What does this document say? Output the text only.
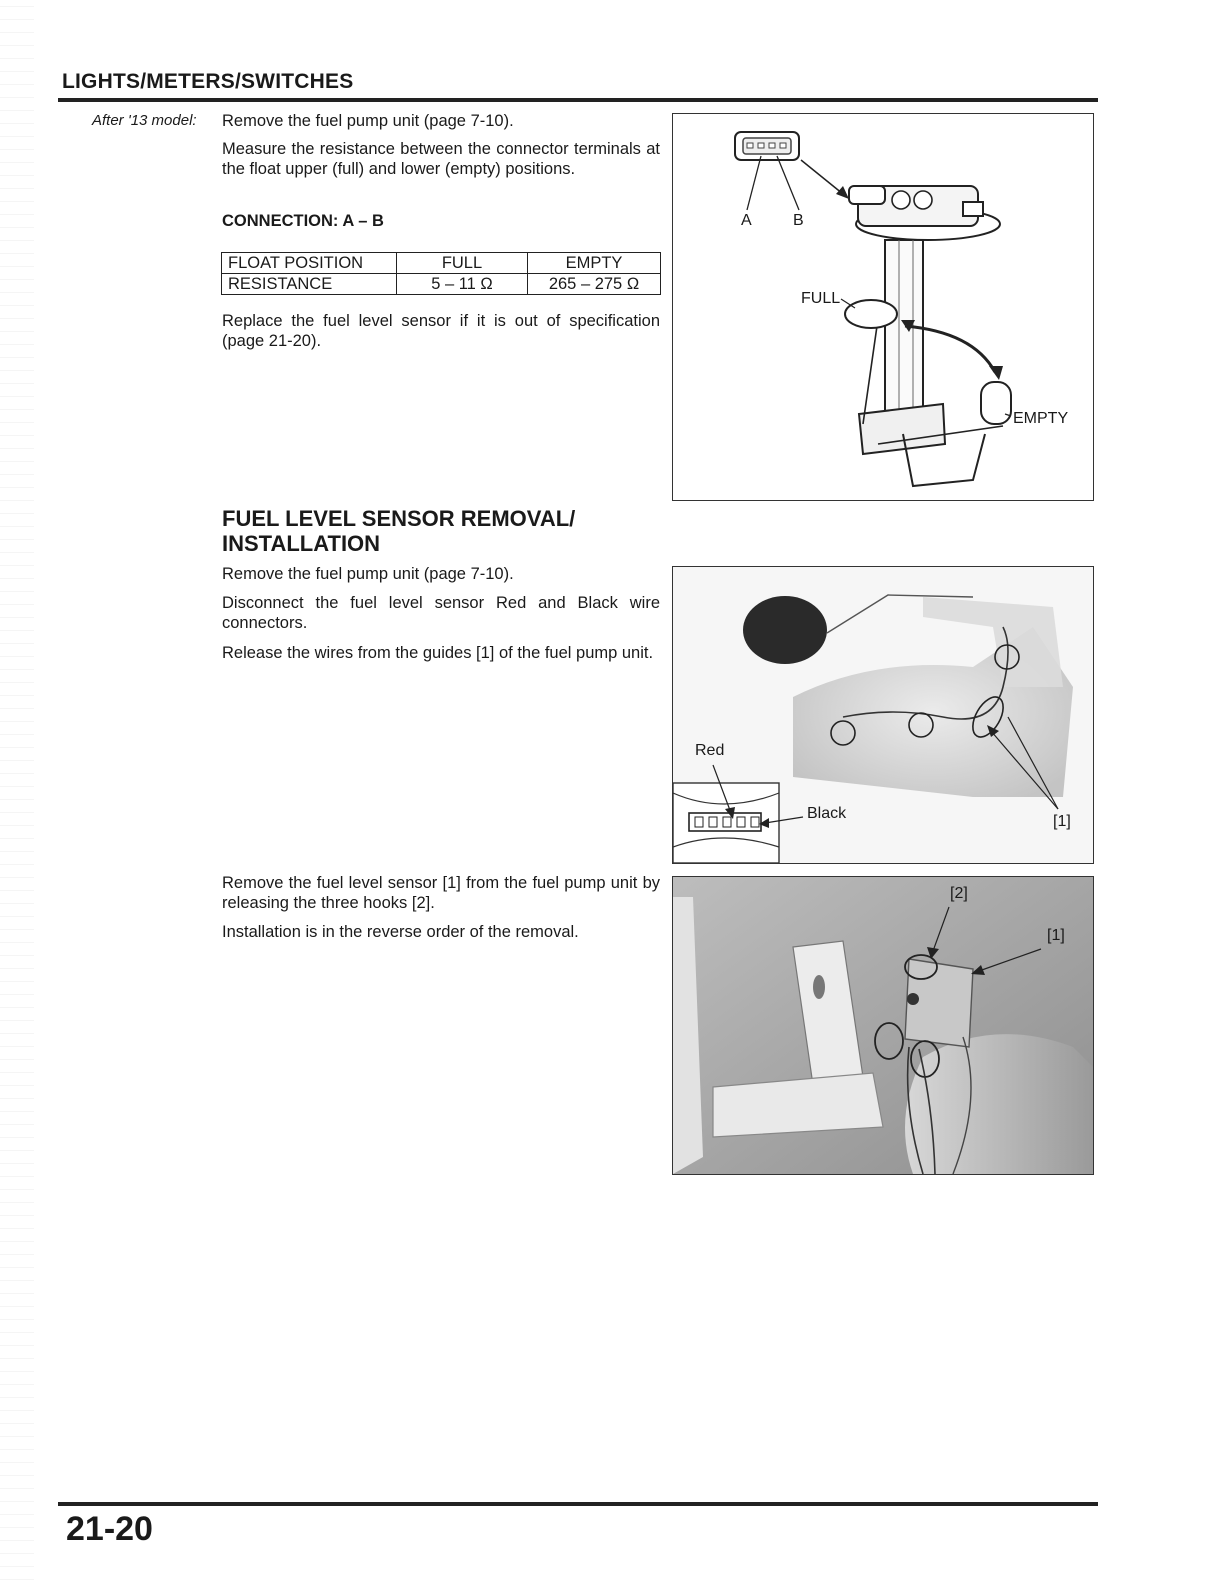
LIGHTS/METERS/SWITCHES
After '13 model: Remove the fuel pump unit (page 7-10).
Measure the resistance between the connector terminals at the float upper (full) and lower (empty) positions.
CONNECTION: A – B
FLOAT POSITION	FULL	EMPTY
RESISTANCE	5 – 11 Ω	265 – 275 Ω
Replace the fuel level sensor if it is out of specification (page 21-20).
A	B
FULL
EMPTY
FUEL LEVEL SENSOR REMOVAL/
INSTALLATION
Remove the fuel pump unit (page 7-10).
Disconnect the fuel level sensor Red and Black wire connectors.
Release the wires from the guides [1] of the fuel pump unit.
Red
Black	[1]
Remove the fuel level sensor [1] from the fuel pump unit by releasing the three hooks [2].
Installation is in the reverse order of the removal.
[2]
[1]
21-20
